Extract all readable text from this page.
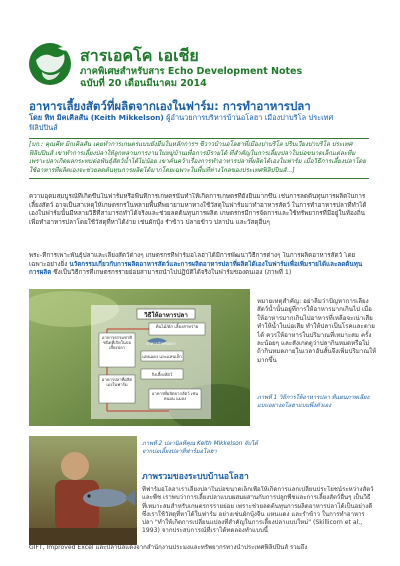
สารเอคโค เอเชีย
ภาคพิเศษสำหรับสาร Echo Development Notes
ฉบับที่ 20 เดือนมีนาคม 2014
อาหารเลี้ยงสัตว์ที่ผลิตจากเองในฟาร์ม: การทำอาหารปลา
โดย ทิท มิคเคิลสัน (Keith Mikkelson) ผู้อำนวยการบริหารบ้านอโลฮา เมืองปาบริโล ประเทศ
ฟิลิปปินส์
[บก.: คุณคีท มิกเคิลสัน เคยทำการเกษตรแบบยั่งยืนในหลักการฯ ชีวาวบ้านอโลฮาที่เมืองปาบริโล ปริบเวียงปาบริโล ประเทศฟิลิปปินส์ เขาทำการเลี้ยงปลาให้ลูกหลานการงานในหมู่บ้านเพื่อการมีรายได้ ที่สำคัญในการเลี้ยงปลาในบ่อขนาดเล็กแต่ละทีม เพราะปลาเกิดผลกระทบต่อพันธุ์สัตว์น้ำได้ไม่น้อย เขาค้นคว้าเรื่องการทำอาหารปลาที่ผลิตได้เองในฟาร์ม เมื่อวิธีการเลี้ยงปลาโดยใช้อาหารที่ผลิตเองจะช่วยลดต้นทุนการผลิตได้มากโดยเฉพาะในพื้นที่ห่างไกลของประเทศฟิลิปปินส์...]
ความอุดมสมบูรณ์ที่เกิดขึ้นในฟาร์มหรือพื้นที่การเกษตรนั้นทำให้เกิดการเกษตรที่ยั่งยืนมากขึ้น เช่นการลดต้นทุนการผลิตในการเลี้ยงสัตว์ อาจเป็นสาเหตุให้เกษตรกรในหลายพื้นที่พยายามหาทางใช้วัสดุในฟาร์มมาทำอาหารสัตว์ ในการทำอาหารปลาที่ทำได้เองในฟาร์มนั้นมีหลายวิธีที่สามารถทำได้จริงและช่วยลดต้นทุนการผลิต เกษตรกรมีการจัดการและใช้ทรัพยากรที่มีอยู่ในท้องถิ่นเพื่อทำอาหารปลาโดยใช้วัสดุที่หาได้ง่าย เช่นผักบุ้ง รำข้าว ปลายข้าว ปลาป่น และวัสดุอื่นๆ
พระ-ที่การเพาะพันธุ์ปลาและเลี้ยงสัตว์ต่างๆ เกษตรกรที่ฟาร์มอโลฮาได้มีการพัฒนาวิธีการต่างๆ ในการผลิตอาหารสัตว์ โดยเฉพาะอย่างยิ่ง นวัตกรรมเกี่ยวกับการผลิตอาหารสัตว์และการผลิตอาหารปลาที่ผลิตได้เองในฟาร์มเพื่อเพิ่มรายได้และลดต้นทุนการผลิต ซึ่งเป็นวิธีการที่เกษตรกรรายย่อยสามารถนำไปปฏิบัติได้จริงในฟาร์มของตนเอง (ภาพที่ 1)
วิธีให้อาหารปลา
ต้นไม้/ผัก เลี้ยงสาหร่าย
อาหารธรรมชาติ ชนิดที่เกิดในบ่อเลี้ยงปลา
แหนแดง และแหนเล็ก
กิ่งเลี้ยงสัตว์
อาหารปลาที่ผลิตเองในฟาร์ม
อาหารที่ผลิตจากสัตว์ เช่น หนอน แมลง
อาหารสำหรับปลา
หมายเหตุสำคัญ: อย่าลืมว่าปัญหาการเลี้ยงสัตว์น้ำนั้นอยู่ที่การให้อาหารมากเกินไป เมื่อให้อาหารมากเกินไปอาหารที่เหลือจะเน่าเสียทำให้น้ำในบ่อเสีย ทำให้ปลาเป็นโรคและตายได้ ควรให้อาหารในปริมาณที่เหมาะสม ครั้งละน้อยๆ และสังเกตดูว่าปลากินหมดหรือไม่ ถ้ากินหมดภายในเวลาอันสั้นจึงเพิ่มปริมาณให้มากขึ้น
ภาพที่ 1 วิธีการให้อาหารปลา ที่แผนภาพเลี้ยงแบบอย่างอโลฮาแบบพึ่งตัวเอง
ภาพที่ 2 ปลานิลที่คุณ Keith Mikkelson จับได้จากบ่อเลี้ยงปลาที่ฟาร์มอโลฮา
ภาพรวมของระบบบ้านอโลฮา
ที่ฟาร์มอโลฮาเราเลี้ยงปลาในบ่อขนาดเล็กเพื่อให้เกิดการแลกเปลี่ยนประโยชน์ระหว่างสัตว์และพืช เราพบว่าการเลี้ยงปลาแบบผสมผสานกับการปลูกพืชและการเลี้ยงสัตว์อื่นๆ เป็นวิธีที่เหมาะสมสำหรับเกษตรกรรายย่อย เพราะช่วยลดต้นทุนการผลิตอาหารปลาได้เป็นอย่างดี ซึ่งเราใช้วัสดุที่หาได้ในฟาร์ม อย่างเช่นผักบุ้งจีน แหนแดง และรำข้าว ในการทำอาหารปลา "ทำให้เกิดการเปลี่ยนแปลงที่สำคัญในการเลี้ยงปลาแบบใหม่" (Skillicorn et al., 1993) จากประสบการณ์ที่เราได้ทดลองทำแบบนี้
GIFT, Improved Excel และปลานิลแดงจากสำนักงานประมงและทรัพยากรทางน้ำประเทศฟิลิปปินส์ รวมถึง
